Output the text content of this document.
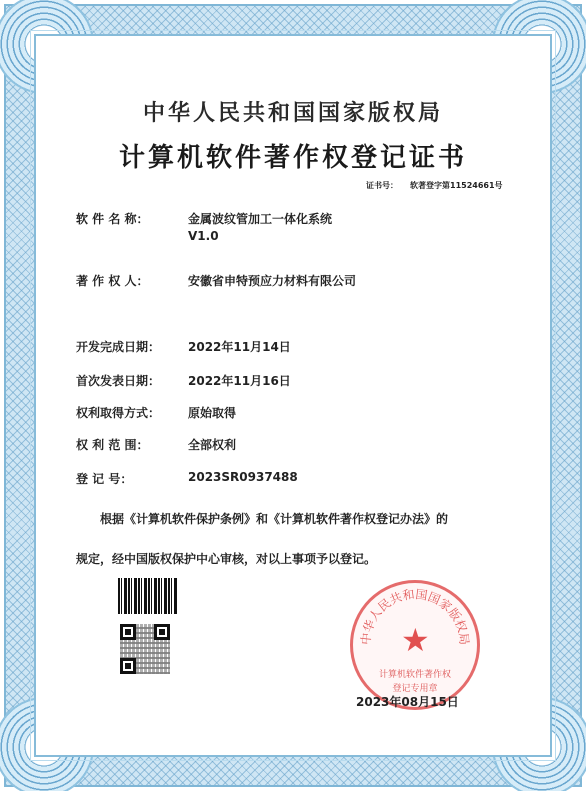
中华人民共和国国家版权局
计算机软件著作权登记证书
证书号： 软著登字第11524661号
软 件 名 称：	金属波纹管加工一体化系统
V1.0
著 作 权 人：	安徽省申特预应力材料有限公司
开发完成日期： 2022年11月14日
首次发表日期： 2022年11月16日
权利取得方式： 原始取得
权 利 范 围：	全部权利
登 记 号：	2023SR0937488
根据《计算机软件保护条例》和《计算机软件著作权登记办法》的
规定，经中国版权保护中心审核，对以上事项予以登记。
中华人民共和国国家版权局
★
计算机软件著作权
登记专用章
2023年08月15日
